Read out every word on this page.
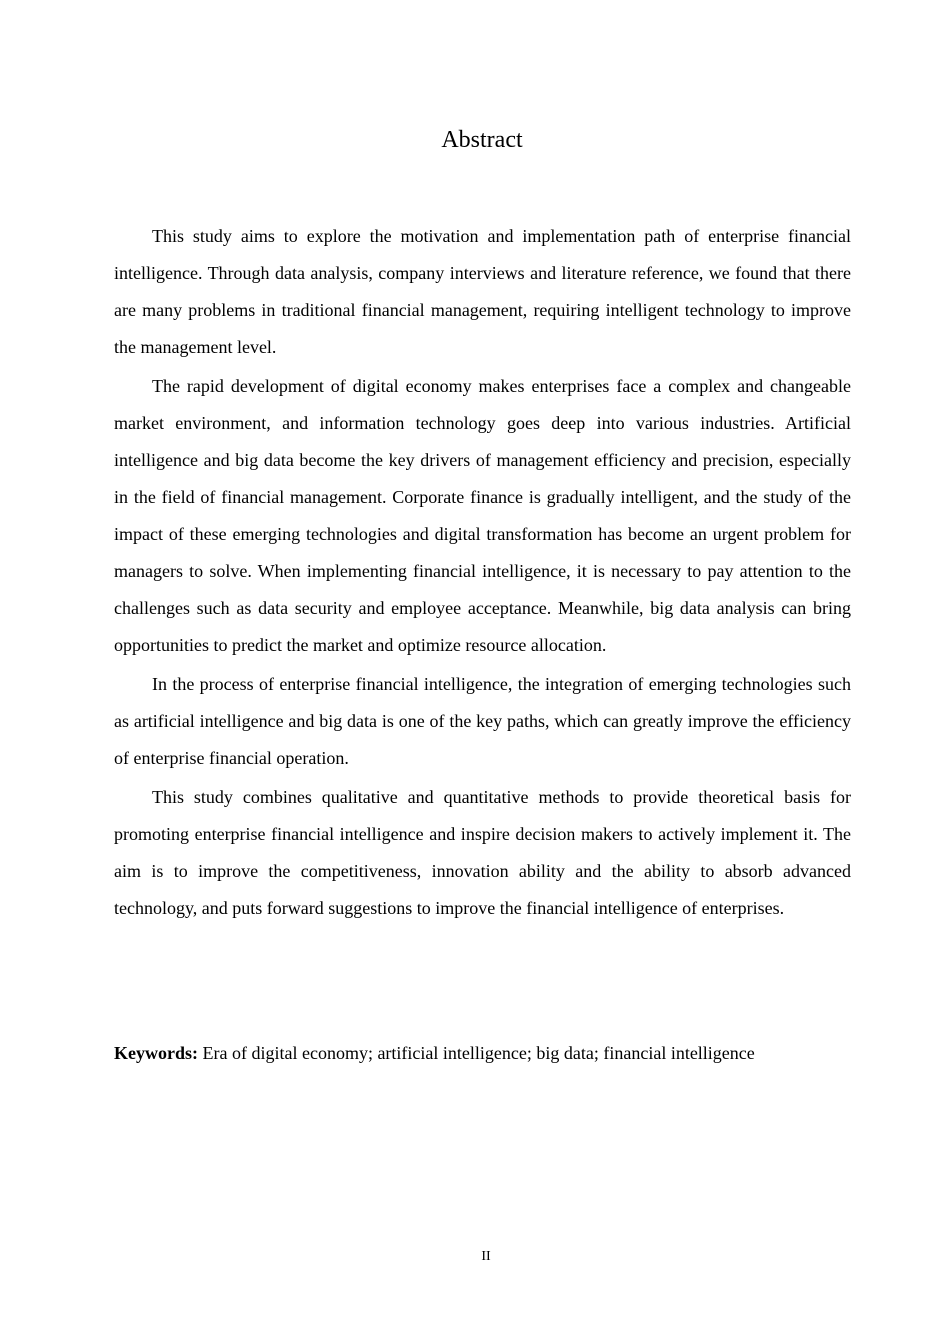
Abstract

This study aims to explore the motivation and implementation path of enterprise financial intelligence. Through data analysis, company interviews and literature reference, we found that there are many problems in traditional financial management, requiring intelligent technology to improve the management level.

The rapid development of digital economy makes enterprises face a complex and changeable market environment, and information technology goes deep into various industries. Artificial intelligence and big data become the key drivers of management efficiency and precision, especially in the field of financial management. Corporate finance is gradually intelligent, and the study of the impact of these emerging technologies and digital transformation has become an urgent problem for managers to solve. When implementing financial intelligence, it is necessary to pay attention to the challenges such as data security and employee acceptance. Meanwhile, big data analysis can bring opportunities to predict the market and optimize resource allocation.

In the process of enterprise financial intelligence, the integration of emerging technologies such as artificial intelligence and big data is one of the key paths, which can greatly improve the efficiency of enterprise financial operation.

This study combines qualitative and quantitative methods to provide theoretical basis for promoting enterprise financial intelligence and inspire decision makers to actively implement it. The aim is to improve the competitiveness, innovation ability and the ability to absorb advanced technology, and puts forward suggestions to improve the financial intelligence of enterprises.

Keywords: Era of digital economy; artificial intelligence; big data; financial intelligence

II
